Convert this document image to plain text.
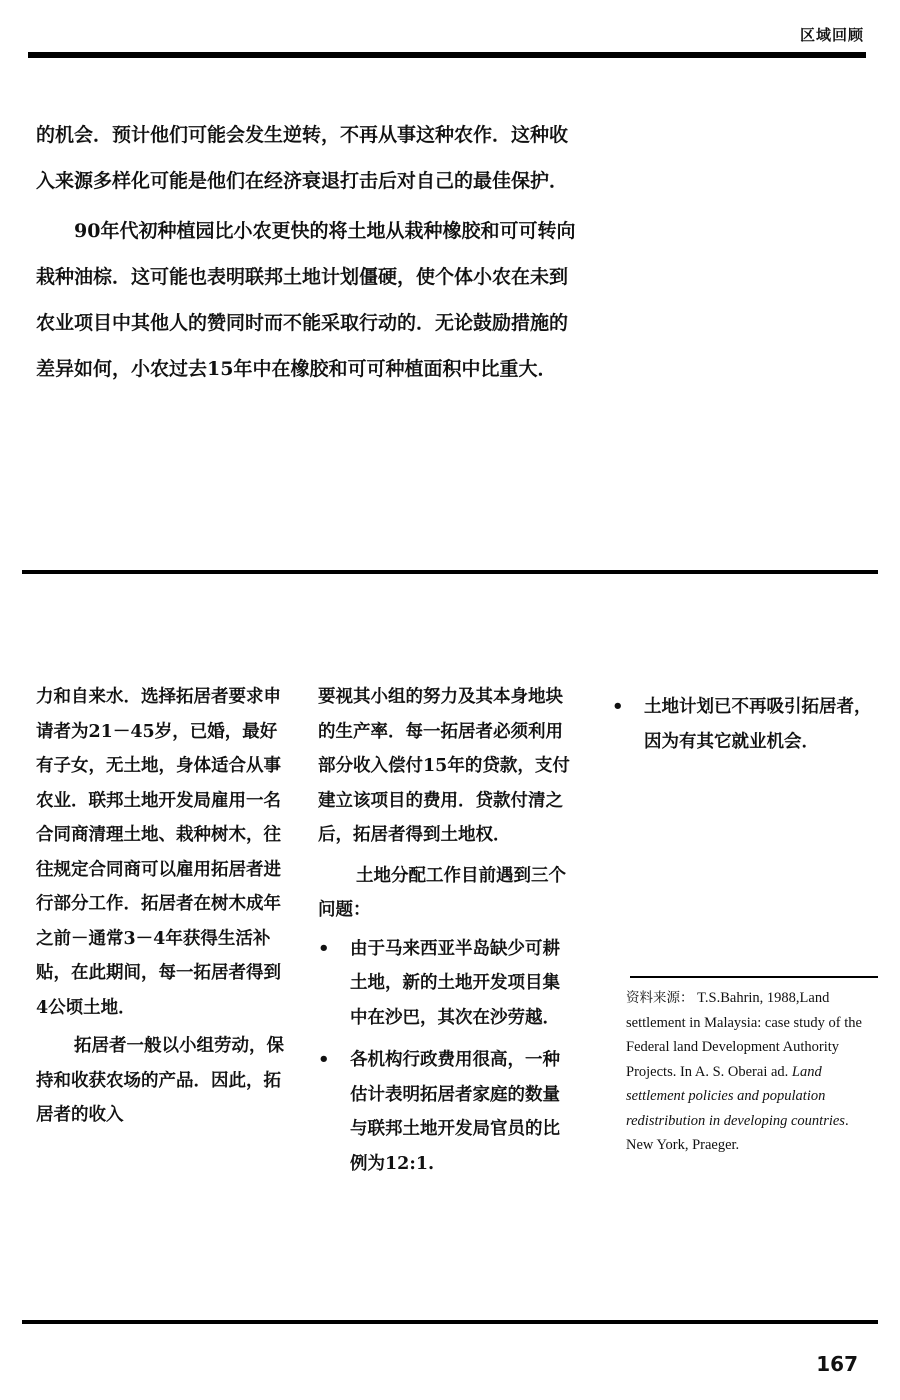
区域回顾

的机会．预计他们可能会发生逆转，不再从事这种农作．这种收入来源多样化可能是他们在经济衰退打击后对自己的最佳保护．

90年代初种植园比小农更快的将土地从栽种橡胶和可可转向栽种油棕．这可能也表明联邦土地计划僵硬，使个体小农在未到农业项目中其他人的赞同时而不能采取行动的．无论鼓励措施的差异如何，小农过去15年中在橡胶和可可种植面积中比重大．

力和自来水．选择拓居者要求申请者为21－45岁，已婚，最好有子女，无土地，身体适合从事农业．联邦土地开发局雇用一名合同商清理土地、栽种树木，往往规定合同商可以雇用拓居者进行部分工作．拓居者在树木成年之前－通常3－4年获得生活补贴，在此期间，每一拓居者得到4公顷土地．

拓居者一般以小组劳动，保持和收获农场的产品．因此，拓居者的收入

要视其小组的努力及其本身地块的生产率．每一拓居者必须利用部分收入偿付15年的贷款，支付建立该项目的费用．贷款付清之后，拓居者得到土地权．

土地分配工作目前遇到三个问题：

• 由于马来西亚半岛缺少可耕土地，新的土地开发项目集中在沙巴，其次在沙劳越．
• 各机构行政费用很高，一种估计表明拓居者家庭的数量与联邦土地开发局官员的比例为12:1.
• 土地计划已不再吸引拓居者，因为有其它就业机会．
资料来源： T.S.Bahrin, 1988,Land settlement in Malaysia: case study of the Federal land Development Authority Projects. In A. S. Oberai ad. Land settlement policies and population redistribution in developing countries. New York, Praeger.
167
